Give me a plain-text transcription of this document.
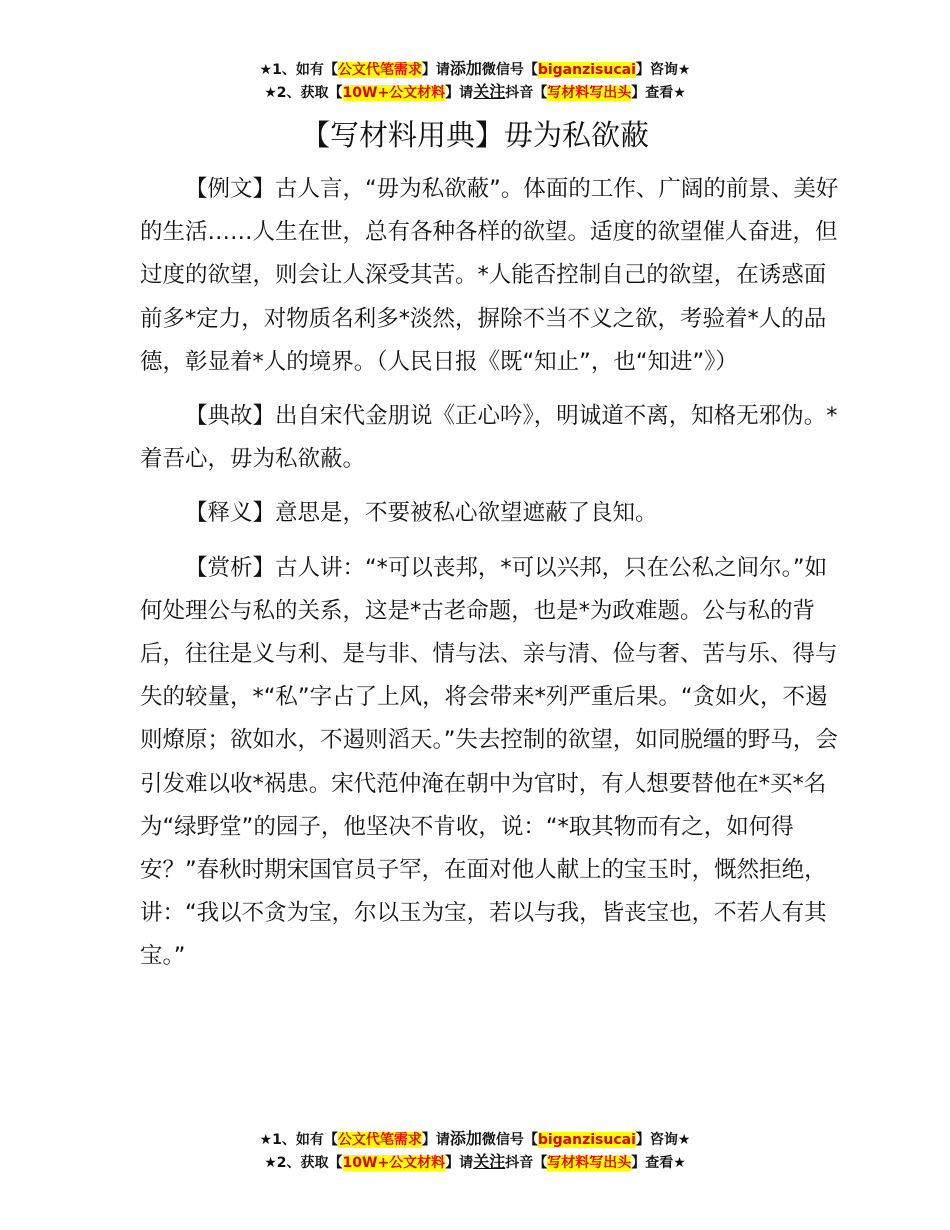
★1、如有【公文代笔需求】请添加微信号【biganzisucai】咨询★
★2、获取【10W+公文材料】请关注抖音【写材料写出头】查看★
【写材料用典】毋为私欲蔽

【例文】古人言，“毋为私欲蔽”。体面的工作、广阔的前景、美好的生活……人生在世，总有各种各样的欲望。适度的欲望催人奋进，但过度的欲望，则会让人深受其苦。*人能否控制自己的欲望，在诱惑面前多*定力，对物质名利多*淡然，摒除不当不义之欲，考验着*人的品德，彰显着*人的境界。（人民日报《既“知止”，也“知进”》）

【典故】出自宋代金朋说《正心吟》，明诚道不离，知格无邪伪。*着吾心，毋为私欲蔽。

【释义】意思是，不要被私心欲望遮蔽了良知。

【赏析】古人讲：“*可以丧邦，*可以兴邦，只在公私之间尔。”如何处理公与私的关系，这是*古老命题，也是*为政难题。公与私的背后，往往是义与利、是与非、情与法、亲与清、俭与奢、苦与乐、得与失的较量，*“私”字占了上风，将会带来*列严重后果。“贪如火，不遏则燎原；欲如水，不遏则滔天。”失去控制的欲望，如同脱缰的野马，会引发难以收*祸患。宋代范仲淹在朝中为官时，有人想要替他在*买*名为“绿野堂”的园子，他坚决不肯收，说：“*取其物而有之，如何得安？”春秋时期宋国官员子罕，在面对他人献上的宝玉时，慨然拒绝，讲：“我以不贪为宝，尔以玉为宝，若以与我，皆丧宝也，不若人有其宝。”

★1、如有【公文代笔需求】请添加微信号【biganzisucai】咨询★
★2、获取【10W+公文材料】请关注抖音【写材料写出头】查看★
